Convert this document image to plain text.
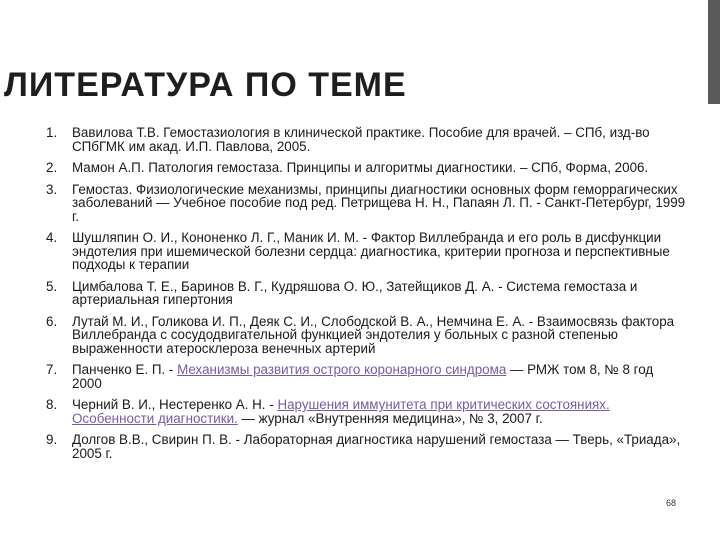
ЛИТЕРАТУРА ПО ТЕМЕ
1. Вавилова Т.В. Гемостазиология в клинической практике. Пособие для врачей. – СПб, изд-во СПбГМК им акад. И.П. Павлова, 2005.
2. Мамон А.П. Патология гемостаза. Принципы и алгоритмы диагностики. – СПб, Форма, 2006.
3. Гемостаз. Физиологические механизмы, принципы диагностики основных форм геморрагических заболеваний — Учебное пособие под ред. Петрищева Н. Н., Папаян Л. П. - Санкт-Петербург, 1999 г.
4. Шушляпин О. И., Кононенко Л. Г., Маник И. М. - Фактор Виллебранда и его роль в дисфункции эндотелия при ишемической болезни сердца: диагностика, критерии прогноза и перспективные подходы к терапии
5. Цимбалова Т. Е., Баринов В. Г., Кудряшова О. Ю., Затейщиков Д. А. - Система гемостаза и артериальная гипертония
6. Лутай М. И., Голикова И. П., Деяк С. И., Слободской В. А., Немчина Е. А. - Взаимосвязь фактора Виллебранда с сосудодвигательной функцией эндотелия у больных с разной степенью выраженности атеросклероза венечных артерий
7. Панченко Е. П. - Механизмы развития острого коронарного синдрома — РМЖ том 8, № 8 год 2000
8. Черний В. И., Нестеренко А. Н. - Нарушения иммунитета при критических состояниях. Особенности диагностики. — журнал «Внутренняя медицина», № 3, 2007 г.
9. Долгов В.В., Свирин П. В. - Лабораторная диагностика нарушений гемостаза — Тверь, «Триада», 2005 г.
68
